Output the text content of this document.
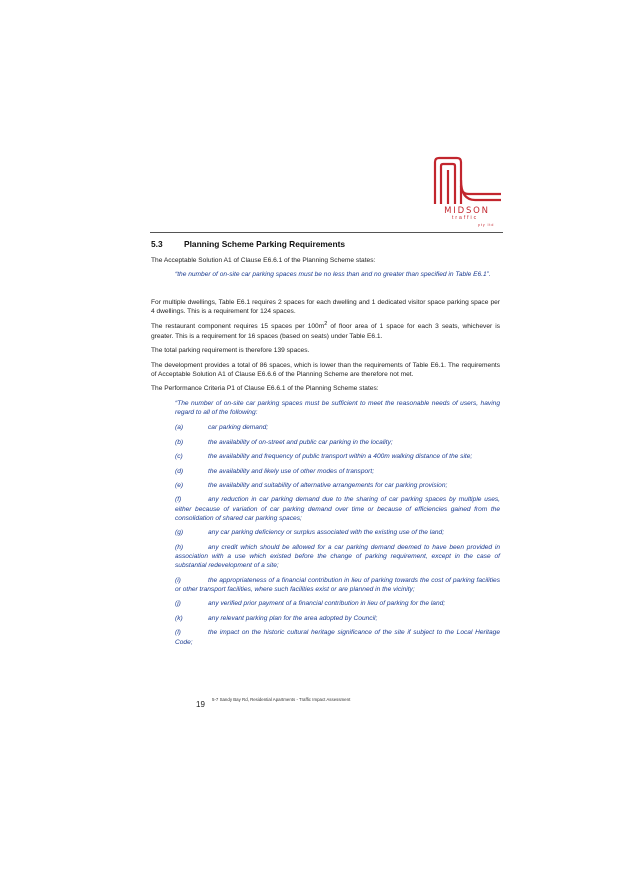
MIDSON
traffic
pty ltd

5.3	Planning Scheme Parking Requirements

The Acceptable Solution A1 of Clause E6.6.1 of the Planning Scheme states:

“the number of on-site car parking spaces must be no less than and no greater than specified in Table E6.1”.

For multiple dwellings, Table E6.1 requires 2 spaces for each dwelling and 1 dedicated visitor space parking space per 4 dwellings. This is a requirement for 124 spaces.

The restaurant component requires 15 spaces per $100m^2$ of floor area of 1 space for each 3 seats, whichever is greater. This is a requirement for 16 spaces (based on seats) under Table E6.1.

The total parking requirement is therefore 139 spaces.

The development provides a total of 86 spaces, which is lower than the requirements of Table E6.1. The requirements of Acceptable Solution A1 of Clause E6.6.6 of the Planning Scheme are therefore not met.

The Performance Criteria P1 of Clause E6.6.1 of the Planning Scheme states:

“The number of on-site car parking spaces must be sufficient to meet the reasonable needs of users, having regard to all of the following:

(a)	car parking demand;

(b)	the availability of on-street and public car parking in the locality;

(c)	the availability and frequency of public transport within a 400m walking distance of the site;

(d)	the availability and likely use of other modes of transport;

(e)	the availability and suitability of alternative arrangements for car parking provision;

(f)	any reduction in car parking demand due to the sharing of car parking spaces by multiple uses, either because of variation of car parking demand over time or because of efficiencies gained from the consolidation of shared car parking spaces;

(g)	any car parking deficiency or surplus associated with the existing use of the land;

(h)	any credit which should be allowed for a car parking demand deemed to have been provided in association with a use which existed before the change of parking requirement, except in the case of substantial redevelopment of a site;

(i)	the appropriateness of a financial contribution in lieu of parking towards the cost of parking facilities or other transport facilities, where such facilities exist or are planned in the vicinity;

(j)	any verified prior payment of a financial contribution in lieu of parking for the land;

(k)	any relevant parking plan for the area adopted by Council;

(l)	the impact on the historic cultural heritage significance of the site if subject to the Local Heritage Code;

5-7 Sandy Bay Rd, Residential Apartments - Traffic Impact Assessment
19
